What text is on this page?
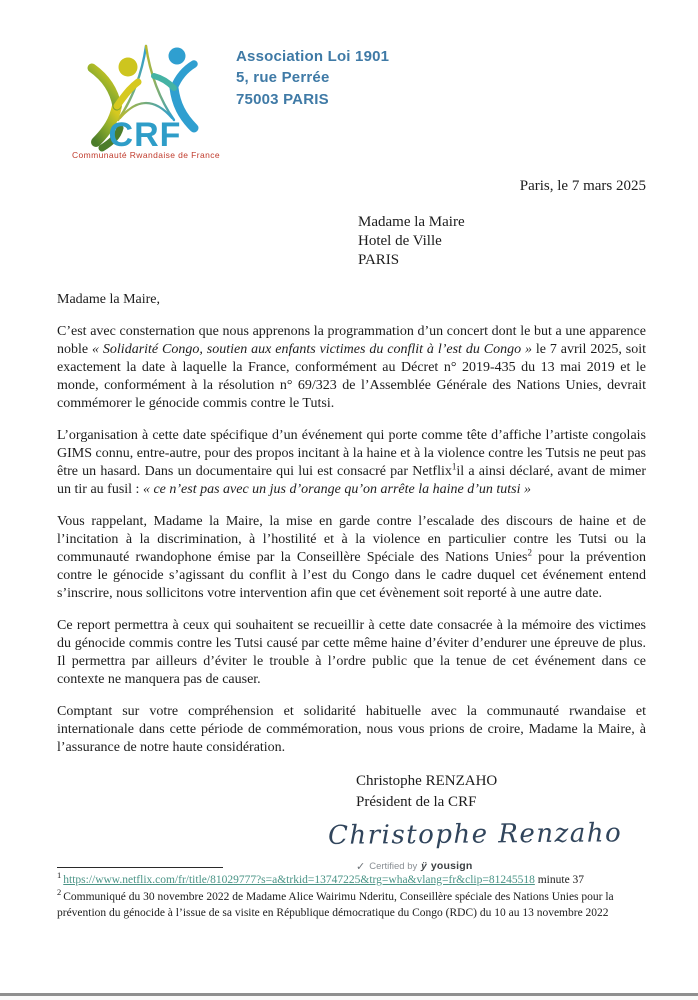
CRF
Communauté Rwandaise de France
Association Loi 1901
5, rue Perrée
75003 PARIS
Paris, le 7 mars 2025
Madame la Maire
Hotel de Ville
PARIS

Madame la Maire,

C’est avec consternation que nous apprenons la programmation d’un concert dont le but a une apparence noble « Solidarité Congo, soutien aux enfants victimes du conflit à l’est du Congo » le 7 avril 2025, soit exactement la date à laquelle la France, conformément au Décret n° 2019-435 du 13 mai 2019 et le monde, conformément à la résolution n° 69/323 de l’Assemblée Générale des Nations Unies, devrait commémorer le génocide commis contre le Tutsi.

L’organisation à cette date spécifique d’un événement qui porte comme tête d’affiche l’artiste congolais GIMS connu, entre-autre, pour des propos incitant à la haine et à la violence contre les Tutsis ne peut pas être un hasard. Dans un documentaire qui lui est consacré par Netflix$^1$il a ainsi déclaré, avant de mimer un tir au fusil : « ce n’est pas avec un jus d’orange qu’on arrête la haine d’un tutsi »

Vous rappelant, Madame la Maire, la mise en garde contre l’escalade des discours de haine et de l’incitation à la discrimination, à l’hostilité et à la violence en particulier contre les Tutsi ou la communauté rwandophone émise par la Conseillère Spéciale des Nations Unies$^2$ pour la prévention contre le génocide s’agissant du conflit à l’est du Congo dans le cadre duquel cet événement entend s’inscrire, nous sollicitons votre intervention afin que cet évènement soit reporté à une autre date.

Ce report permettra à ceux qui souhaitent se recueillir à cette date consacrée à la mémoire des victimes du génocide commis contre les Tutsi causé par cette même haine d’éviter d’endurer une épreuve de plus. Il permettra par ailleurs d’éviter le trouble à l’ordre public que la tenue de cet événement dans ce contexte ne manquera pas de causer.

Comptant sur votre compréhension et solidarité habituelle avec la communauté rwandaise et internationale dans cette période de commémoration, nous vous prions de croire, Madame la Maire, à l’assurance de notre haute considération.

Christophe RENZAHO
Président de la CRF
Christophe Renzaho
✓ Certified by ÿ yousign
$^1$ https://www.netflix.com/fr/title/81029777?s=a&trkid=13747225&trg=wha&vlang=fr&clip=81245518 minute 37
$^2$ Communiqué du 30 novembre 2022 de Madame Alice Wairimu Nderitu, Conseillère spéciale des Nations Unies pour la prévention du génocide à l’issue de sa visite en République démocratique du Congo (RDC) du 10 au 13 novembre 2022
